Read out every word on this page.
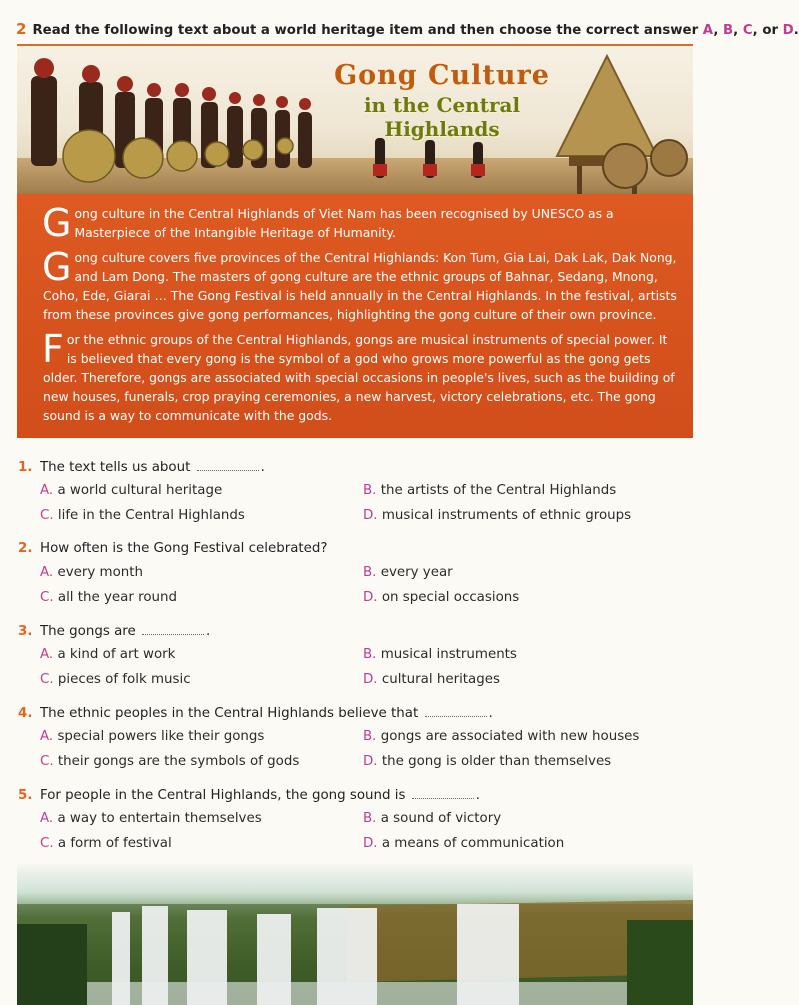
2 Read the following text about a world heritage item and then choose the correct answer A, B, C, or D.
Gong Culture
in the Central Highlands

Gong culture in the Central Highlands of Viet Nam has been recognised by UNESCO as a Masterpiece of the Intangible Heritage of Humanity.

Gong culture covers five provinces of the Central Highlands: Kon Tum, Gia Lai, Dak Lak, Dak Nong, and Lam Dong. The masters of gong culture are the ethnic groups of Bahnar, Sedang, Mnong, Coho, Ede, Giarai … The Gong Festival is held annually in the Central Highlands. In the festival, artists from these provinces give gong performances, highlighting the gong culture of their own province.

For the ethnic groups of the Central Highlands, gongs are musical instruments of special power. It is believed that every gong is the symbol of a god who grows more powerful as the gong gets older. Therefore, gongs are associated with special occasions in people's lives, such as the building of new houses, funerals, crop praying ceremonies, a new harvest, victory celebrations, etc. The gong sound is a way to communicate with the gods.

1. The text tells us about	.
A. a world cultural heritage	B. the artists of the Central Highlands
C. life in the Central Highlands	D. musical instruments of ethnic groups
2. How often is the Gong Festival celebrated?
A. every month	B. every year
C. all the year round	D. on special occasions
3. The gongs are	.
A. a kind of art work	B. musical instruments
C. pieces of folk music	D. cultural heritages
4. The ethnic peoples in the Central Highlands believe that	.
A. special powers like their gongs	B. gongs are associated with new houses
C. their gongs are the symbols of gods	D. the gong is older than themselves
5. For people in the Central Highlands, the gong sound is	.
A. a way to entertain themselves	B. a sound of victory
C. a form of festival	D. a means of communication
